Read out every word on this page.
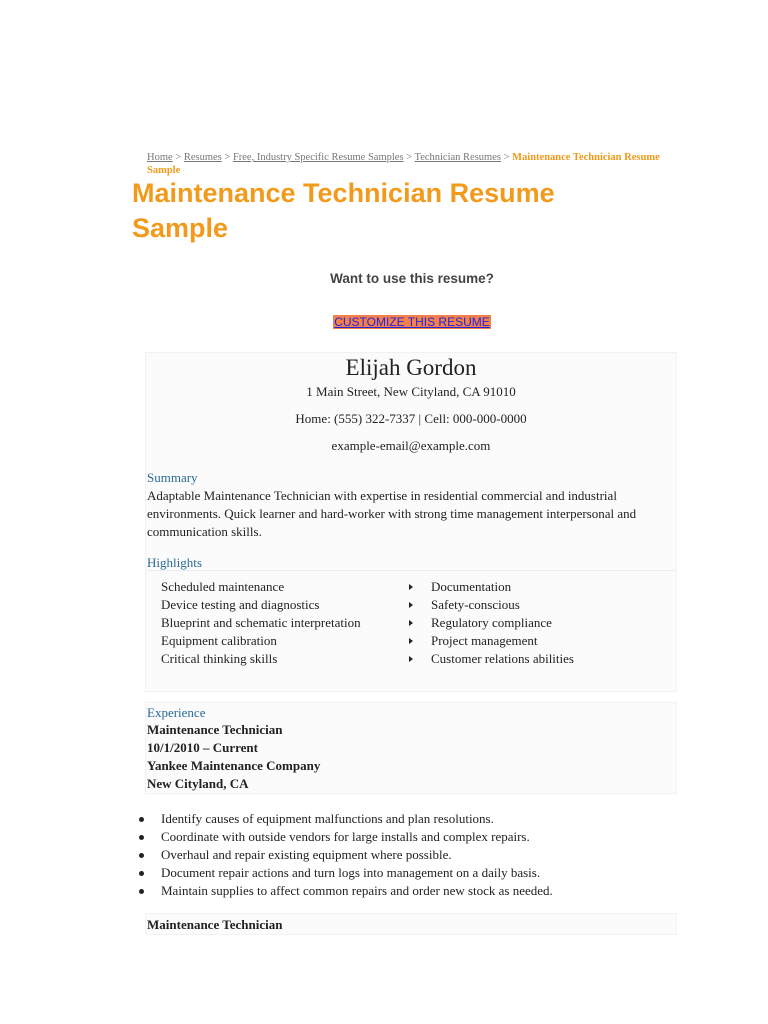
Home > Resumes > Free, Industry Specific Resume Samples > Technician Resumes > Maintenance Technician Resume Sample
Maintenance Technician Resume
Sample
Want to use this resume?
CUSTOMIZE THIS RESUME
Elijah Gordon
1 Main Street, New Cityland, CA 91010
Home: (555) 322-7337 | Cell: 000-000-0000
example-email@example.com
Summary
Adaptable Maintenance Technician with expertise in residential commercial and industrial environments. Quick learner and hard-worker with strong time management interpersonal and communication skills.
Highlights
Scheduled maintenance
Device testing and diagnostics
Blueprint and schematic interpretation
Equipment calibration
Critical thinking skills
Documentation
Safety-conscious
Regulatory compliance
Project management
Customer relations abilities
Experience
Maintenance Technician
10/1/2010 – Current
Yankee Maintenance Company
New Cityland, CA
Identify causes of equipment malfunctions and plan resolutions.
Coordinate with outside vendors for large installs and complex repairs.
Overhaul and repair existing equipment where possible.
Document repair actions and turn logs into management on a daily basis.
Maintain supplies to affect common repairs and order new stock as needed.
Maintenance Technician
